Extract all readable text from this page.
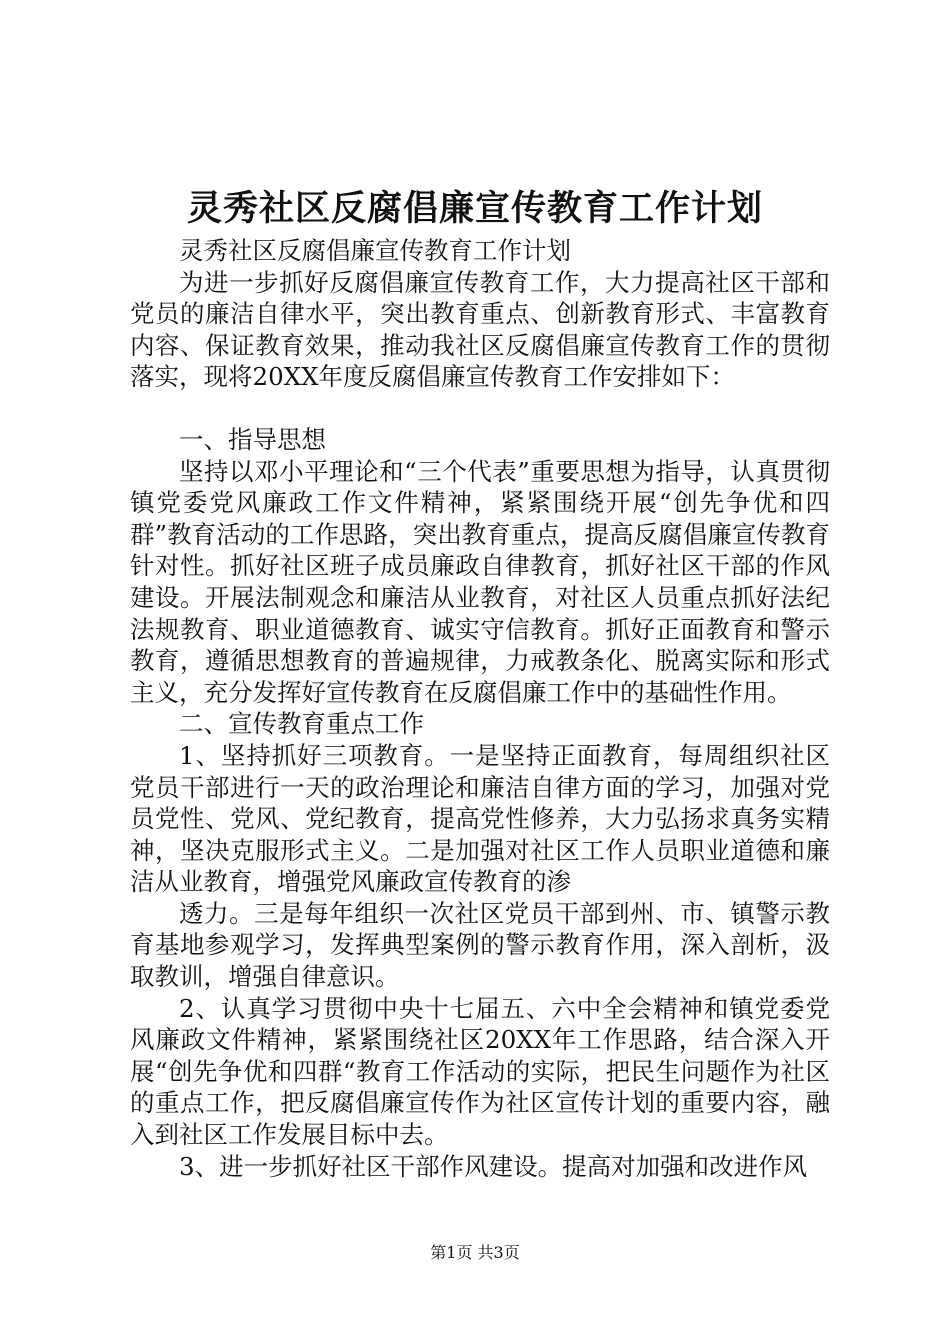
灵秀社区反腐倡廉宣传教育工作计划

灵秀社区反腐倡廉宣传教育工作计划

为进一步抓好反腐倡廉宣传教育工作，大力提高社区干部和党员的廉洁自律水平，突出教育重点、创新教育形式、丰富教育内容、保证教育效果，推动我社区反腐倡廉宣传教育工作的贯彻落实，现将20XX年度反腐倡廉宣传教育工作安排如下：

一、指导思想

坚持以邓小平理论和“三个代表”重要思想为指导，认真贯彻镇党委党风廉政工作文件精神，紧紧围绕开展“创先争优和四群”教育活动的工作思路，突出教育重点，提高反腐倡廉宣传教育针对性。抓好社区班子成员廉政自律教育，抓好社区干部的作风建设。开展法制观念和廉洁从业教育，对社区人员重点抓好法纪法规教育、职业道德教育、诚实守信教育。抓好正面教育和警示教育，遵循思想教育的普遍规律，力戒教条化、脱离实际和形式主义，充分发挥好宣传教育在反腐倡廉工作中的基础性作用。

二、宣传教育重点工作

1、坚持抓好三项教育。一是坚持正面教育，每周组织社区党员干部进行一天的政治理论和廉洁自律方面的学习，加强对党员党性、党风、党纪教育，提高党性修养，大力弘扬求真务实精神，坚决克服形式主义。二是加强对社区工作人员职业道德和廉洁从业教育，增强党风廉政宣传教育的渗

透力。三是每年组织一次社区党员干部到州、市、镇警示教育基地参观学习，发挥典型案例的警示教育作用，深入剖析，汲取教训，增强自律意识。

2、认真学习贯彻中央十七届五、六中全会精神和镇党委党风廉政文件精神，紧紧围绕社区20XX年工作思路，结合深入开展“创先争优和四群“教育工作活动的实际，把民生问题作为社区的重点工作，把反腐倡廉宣传作为社区宣传计划的重要内容，融入到社区工作发展目标中去。

3、进一步抓好社区干部作风建设。提高对加强和改进作风

第1页 共3页
